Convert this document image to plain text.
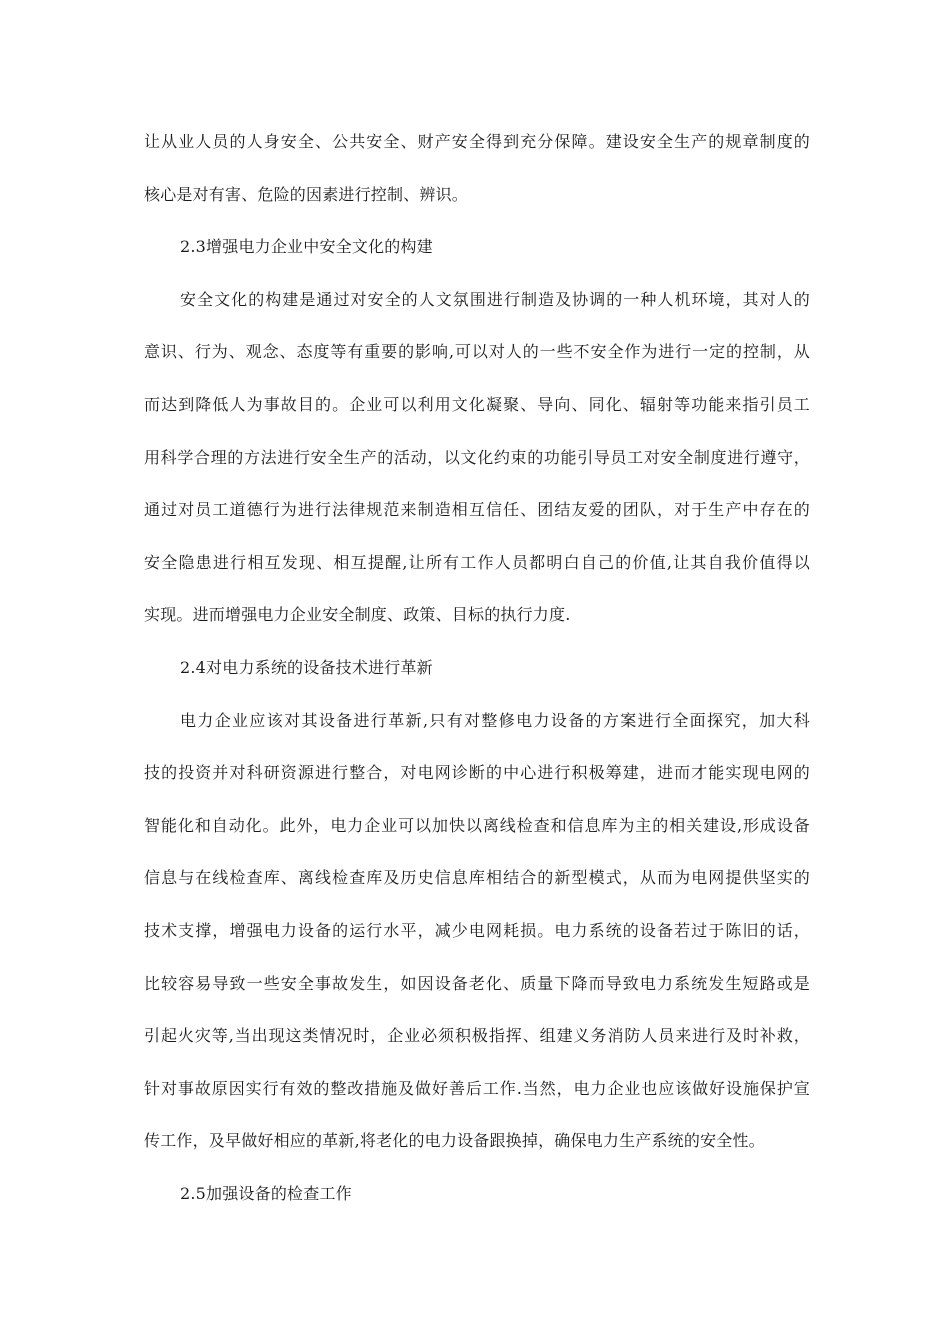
让从业人员的人身安全、公共安全、财产安全得到充分保障。建设安全生产的规章制度的
核心是对有害、危险的因素进行控制、辨识。
2.3增强电力企业中安全文化的构建
安全文化的构建是通过对安全的人文氛围进行制造及协调的一种人机环境，其对人的
意识、行为、观念、态度等有重要的影响,可以对人的一些不安全作为进行一定的控制，从
而达到降低人为事故目的。企业可以利用文化凝聚、导向、同化、辐射等功能来指引员工
用科学合理的方法进行安全生产的活动，以文化约束的功能引导员工对安全制度进行遵守，
通过对员工道德行为进行法律规范来制造相互信任、团结友爱的团队，对于生产中存在的
安全隐患进行相互发现、相互提醒,让所有工作人员都明白自己的价值,让其自我价值得以
实现。进而增强电力企业安全制度、政策、目标的执行力度.
2.4对电力系统的设备技术进行革新
电力企业应该对其设备进行革新,只有对整修电力设备的方案进行全面探究，加大科
技的投资并对科研资源进行整合，对电网诊断的中心进行积极筹建，进而才能实现电网的
智能化和自动化。此外，电力企业可以加快以离线检查和信息库为主的相关建设,形成设备
信息与在线检查库、离线检查库及历史信息库相结合的新型模式，从而为电网提供坚实的
技术支撑，增强电力设备的运行水平，减少电网耗损。电力系统的设备若过于陈旧的话，
比较容易导致一些安全事故发生，如因设备老化、质量下降而导致电力系统发生短路或是
引起火灾等,当出现这类情况时，企业必须积极指挥、组建义务消防人员来进行及时补救，
针对事故原因实行有效的整改措施及做好善后工作.当然，电力企业也应该做好设施保护宣
传工作，及早做好相应的革新,将老化的电力设备跟换掉，确保电力生产系统的安全性。
2.5加强设备的检查工作
